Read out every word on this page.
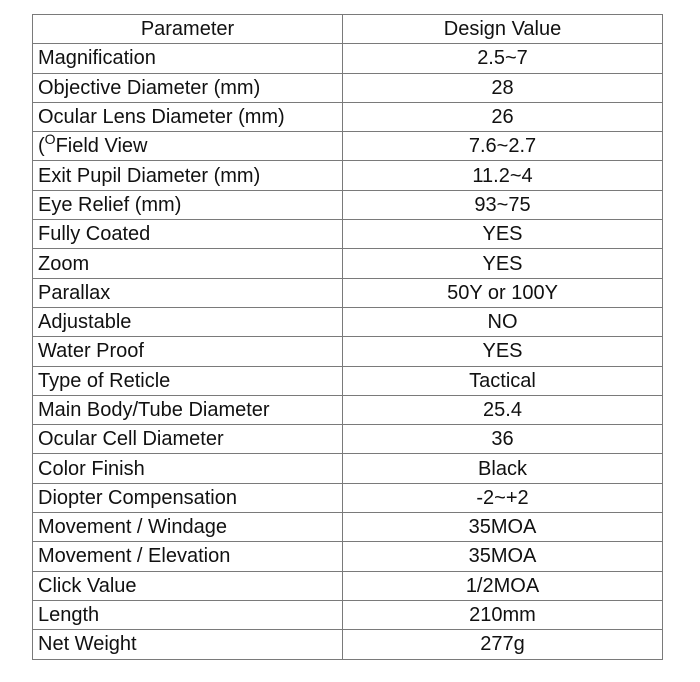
Parameter	Design Value
Magnification	2.5~7
Objective Diameter (mm)	28
Ocular Lens Diameter (mm)	26
($^O$Field View	7.6~2.7
Exit Pupil Diameter (mm)	11.2~4
Eye Relief (mm)	93~75
Fully Coated	YES
Zoom	YES
Parallax	50Y or 100Y
Adjustable	NO
Water Proof	YES
Type of Reticle	Tactical
Main Body/Tube Diameter	25.4
Ocular Cell Diameter	36
Color Finish	Black
Diopter Compensation	-2~+2
Movement / Windage	35MOA
Movement / Elevation	35MOA
Click Value	1/2MOA
Length	210mm
Net Weight	277g
